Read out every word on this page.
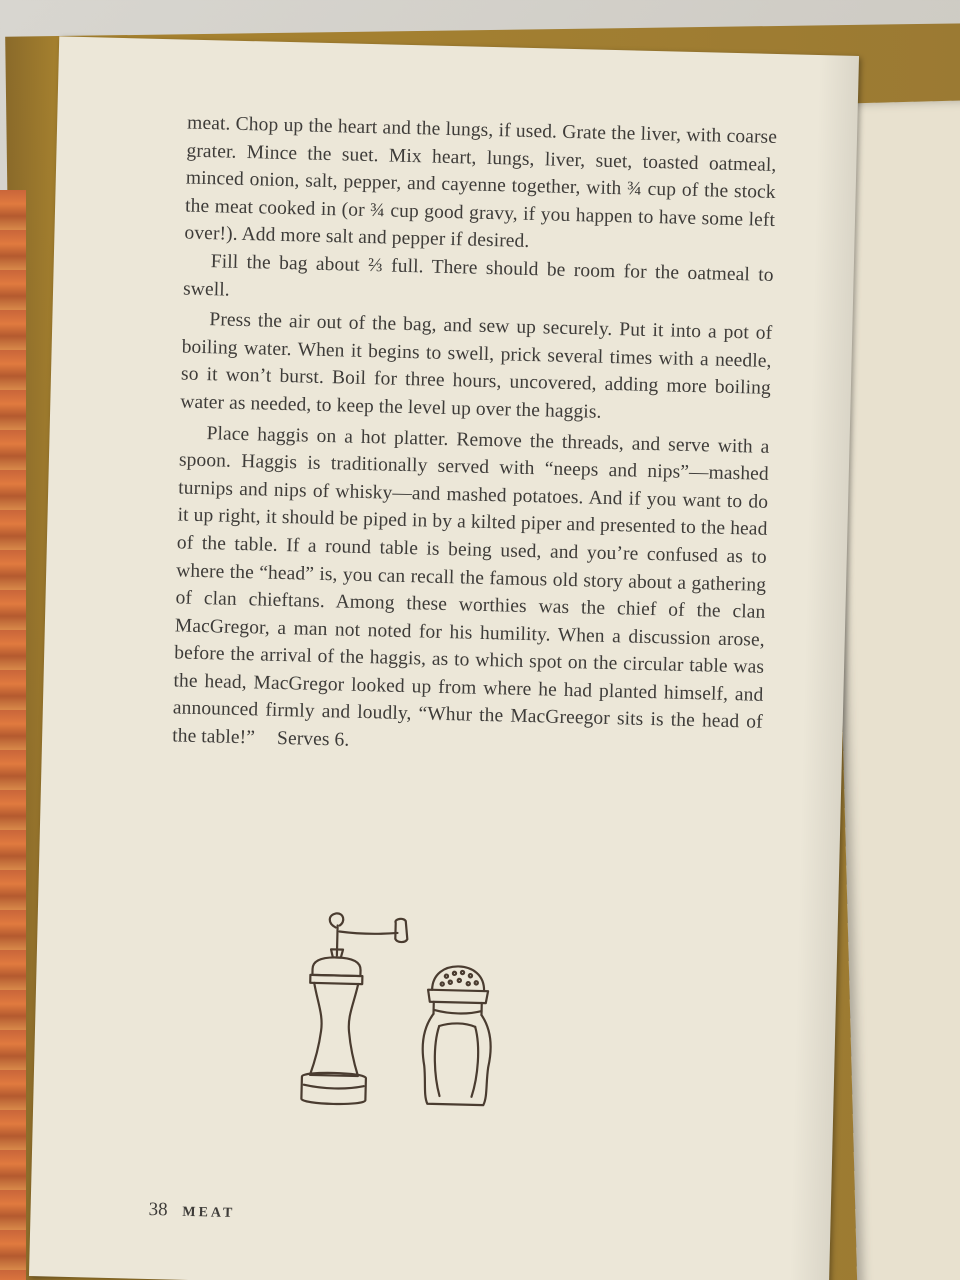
meat. Chop up the heart and the lungs, if used. Grate the liver, with coarse grater. Mince the suet. Mix heart, lungs, liver, suet, toasted oatmeal, minced onion, salt, pepper, and cayenne together, with ¾ cup of the stock the meat cooked in (or ¾ cup good gravy, if you happen to have some left over!). Add more salt and pepper if desired.

Fill the bag about ⅔ full. There should be room for the oatmeal to swell.

Press the air out of the bag, and sew up securely. Put it into a pot of boiling water. When it begins to swell, prick several times with a needle, so it won’t burst. Boil for three hours, uncovered, adding more boiling water as needed, to keep the level up over the haggis.

Place haggis on a hot platter. Remove the threads, and serve with a spoon. Haggis is traditionally served with “neeps and nips”—mashed turnips and nips of whisky—and mashed potatoes. And if you want to do it up right, it should be piped in by a kilted piper and presented to the head of the table. If a round table is being used, and you’re confused as to where the “head” is, you can recall the famous old story about a gathering of clan chieftans. Among these worthies was the chief of the clan MacGregor, a man not noted for his humility. When a discussion arose, before the arrival of the haggis, as to which spot on the circular table was the head, MacGregor looked up from where he had planted himself, and announced firmly and loudly, “Whur the MacGreegor sits is the head of the table!” Serves 6.

38 MEAT
